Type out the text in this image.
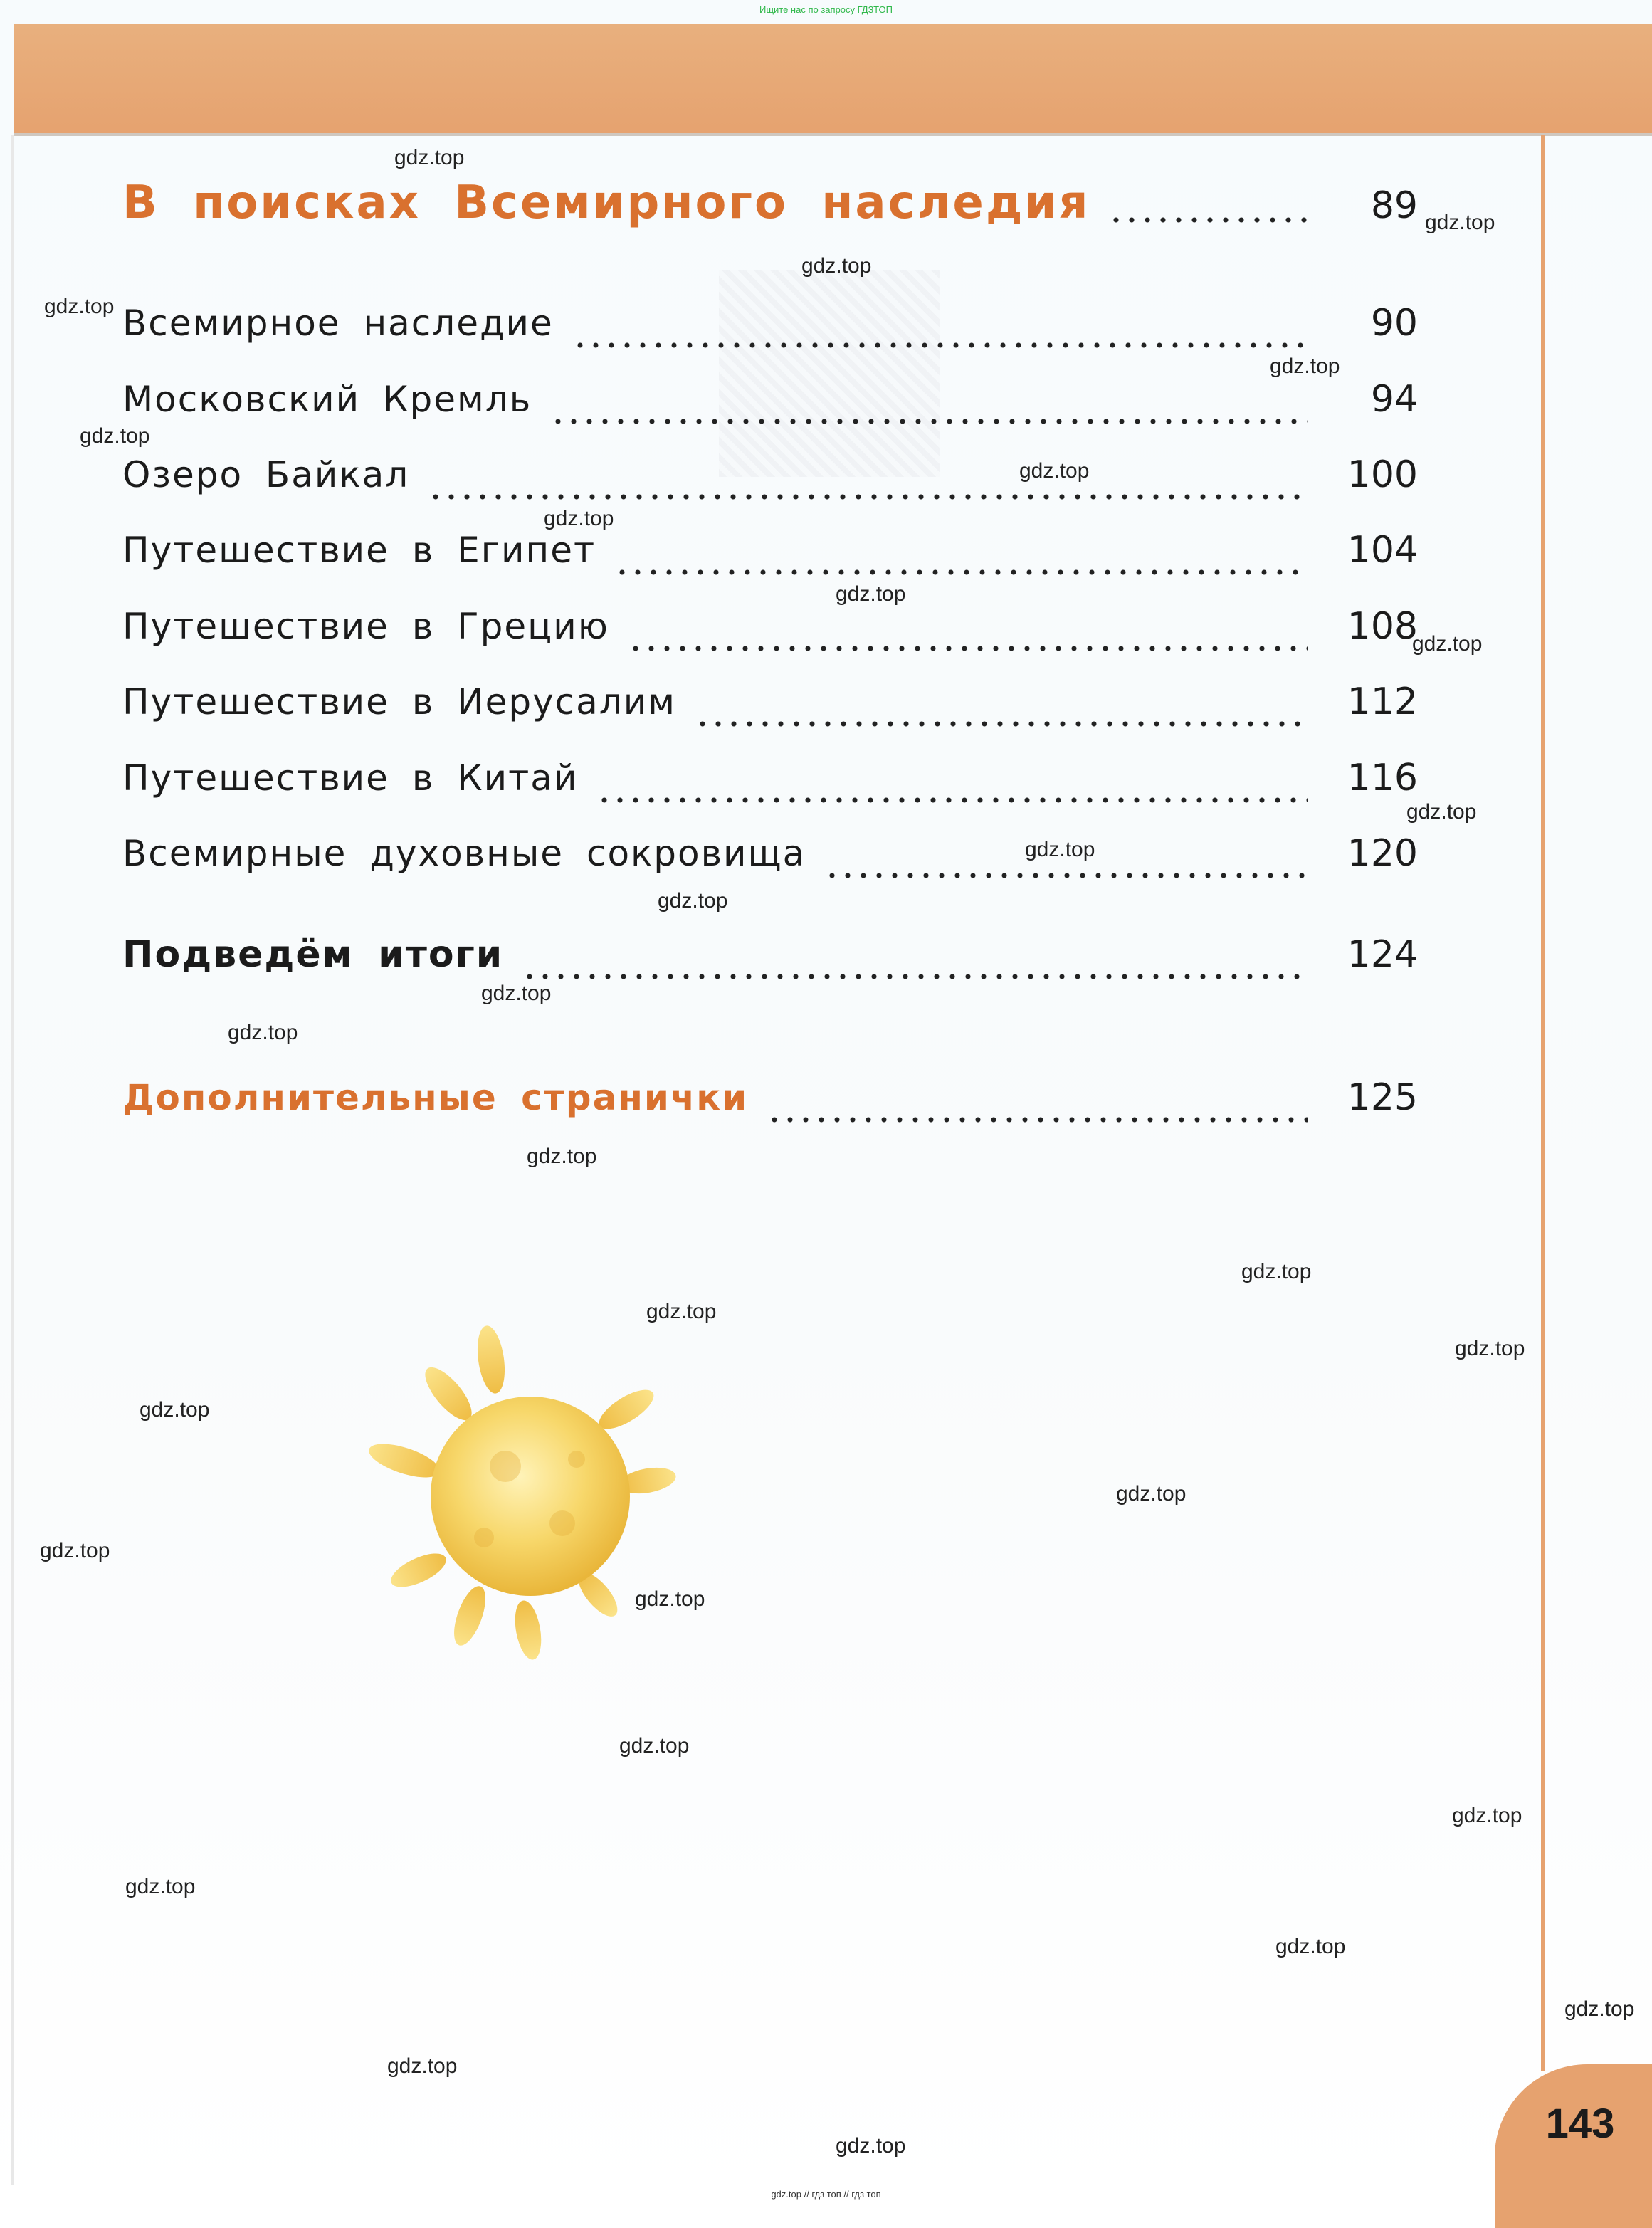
Ищите нас по запросу ГДЗТОП
В поисках Всемирного наследия	89
Всемирное наследие	90
Московский Кремль	94
Озеро Байкал	100
Путешествие в Египет	104
Путешествие в Грецию	108
Путешествие в Иерусалим	112
Путешествие в Китай	116
Всемирные духовные сокровища	120
Подведём итоги	124
Дополнительные странички	125
gdz.top
gdz.top
gdz.top
gdz.top
gdz.top
gdz.top
gdz.top
gdz.top
gdz.top
gdz.top
gdz.top
gdz.top
gdz.top
gdz.top
gdz.top
gdz.top
gdz.top
gdz.top
gdz.top
gdz.top
gdz.top
gdz.top
gdz.top
gdz.top
gdz.top
gdz.top
gdz.top
gdz.top
gdz.top
gdz.top	143
gdz.top // гдз топ // гдз топ
